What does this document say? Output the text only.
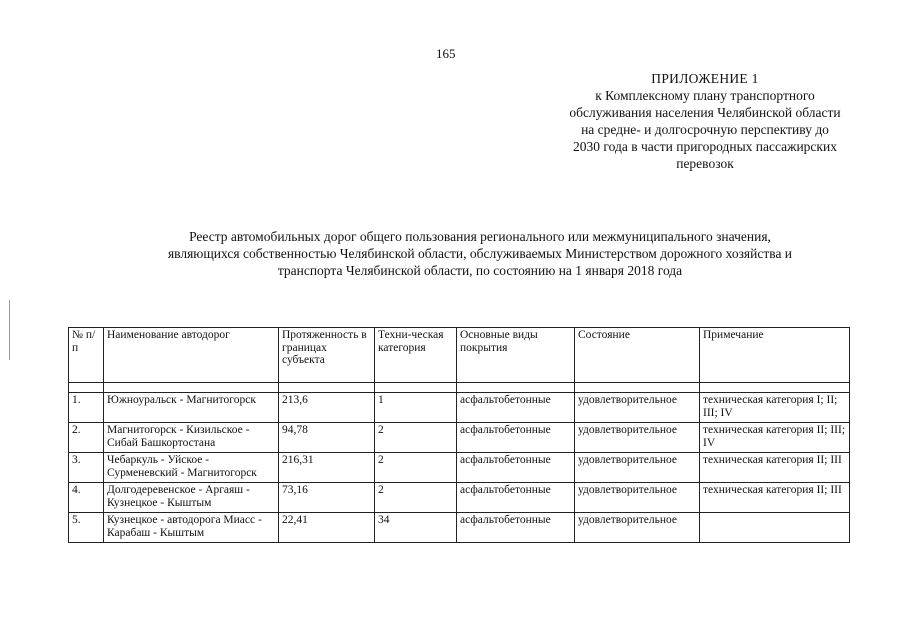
165
ПРИЛОЖЕНИЕ 1
к Комплексному плану транспортного
обслуживания населения Челябинской области
на средне- и долгосрочную перспективу до
2030 года в части пригородных пассажирских
перевозок
Реестр автомобильных дорог общего пользования регионального или межмуниципального значения,
являющихся собственностью Челябинской области, обслуживаемых Министерством дорожного хозяйства и
транспорта Челябинской области, по состоянию на 1 января 2018 года
№ п/п	Наименование автодорог	Протяженность в границах субъекта	Техни-ческая категория	Основные виды покрытия	Состояние	Примечание

1.	Южноуральск - Магнитогорск	213,6	1	асфальтобетонные	удовлетворительное	техническая категория I; II; III; IV
2.	Магнитогорск - Кизильское - Сибай Башкортостана	94,78	2	асфальтобетонные	удовлетворительное	техническая категория II; III; IV
3.	Чебаркуль - Уйское - Сурменевский - Магнитогорск	216,31	2	асфальтобетонные	удовлетворительное	техническая категория II; III
4.	Долгодеревенское - Аргаяш - Кузнецкое - Кыштым	73,16	2	асфальтобетонные	удовлетворительное	техническая категория II; III
5.	Кузнецкое - автодорога Миасс - Карабаш - Кыштым	22,41	34	асфальтобетонные	удовлетворительное	
